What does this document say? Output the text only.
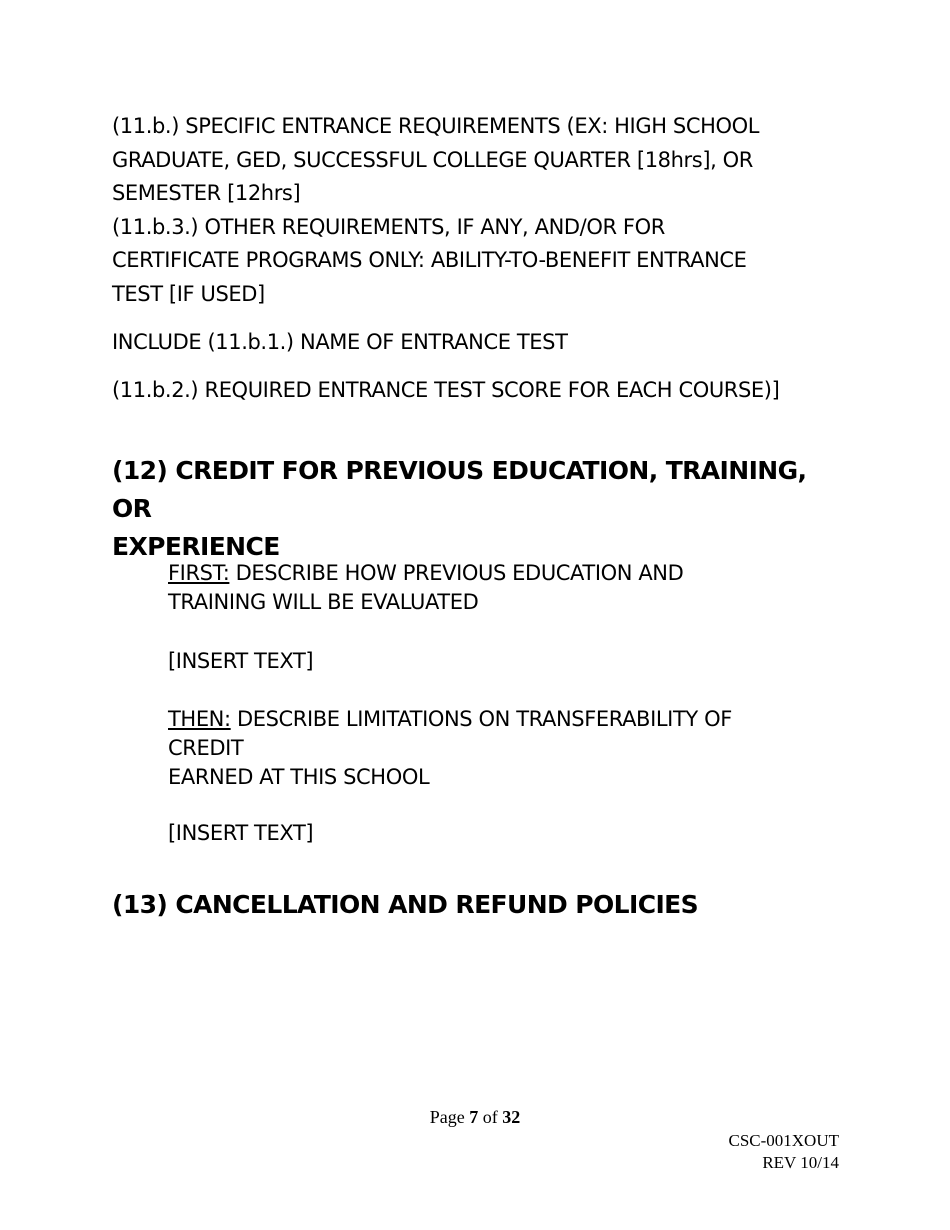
(11.b.) SPECIFIC ENTRANCE REQUIREMENTS (EX: HIGH SCHOOL
GRADUATE, GED, SUCCESSFUL COLLEGE QUARTER [18hrs], OR
SEMESTER [12hrs]
(11.b.3.) OTHER REQUIREMENTS, IF ANY, AND/OR FOR
CERTIFICATE PROGRAMS ONLY: ABILITY-TO-BENEFIT ENTRANCE
TEST [IF USED]

INCLUDE (11.b.1.) NAME OF ENTRANCE TEST

(11.b.2.) REQUIRED ENTRANCE TEST SCORE FOR EACH COURSE)]

(12) CREDIT FOR PREVIOUS EDUCATION, TRAINING, OR
EXPERIENCE

FIRST: DESCRIBE HOW PREVIOUS EDUCATION AND
TRAINING WILL BE EVALUATED

[INSERT TEXT]

THEN: DESCRIBE LIMITATIONS ON TRANSFERABILITY OF
CREDIT
EARNED AT THIS SCHOOL

[INSERT TEXT]

(13) CANCELLATION AND REFUND POLICIES
Page 7 of 32
CSC-001XOUT
REV 10/14
